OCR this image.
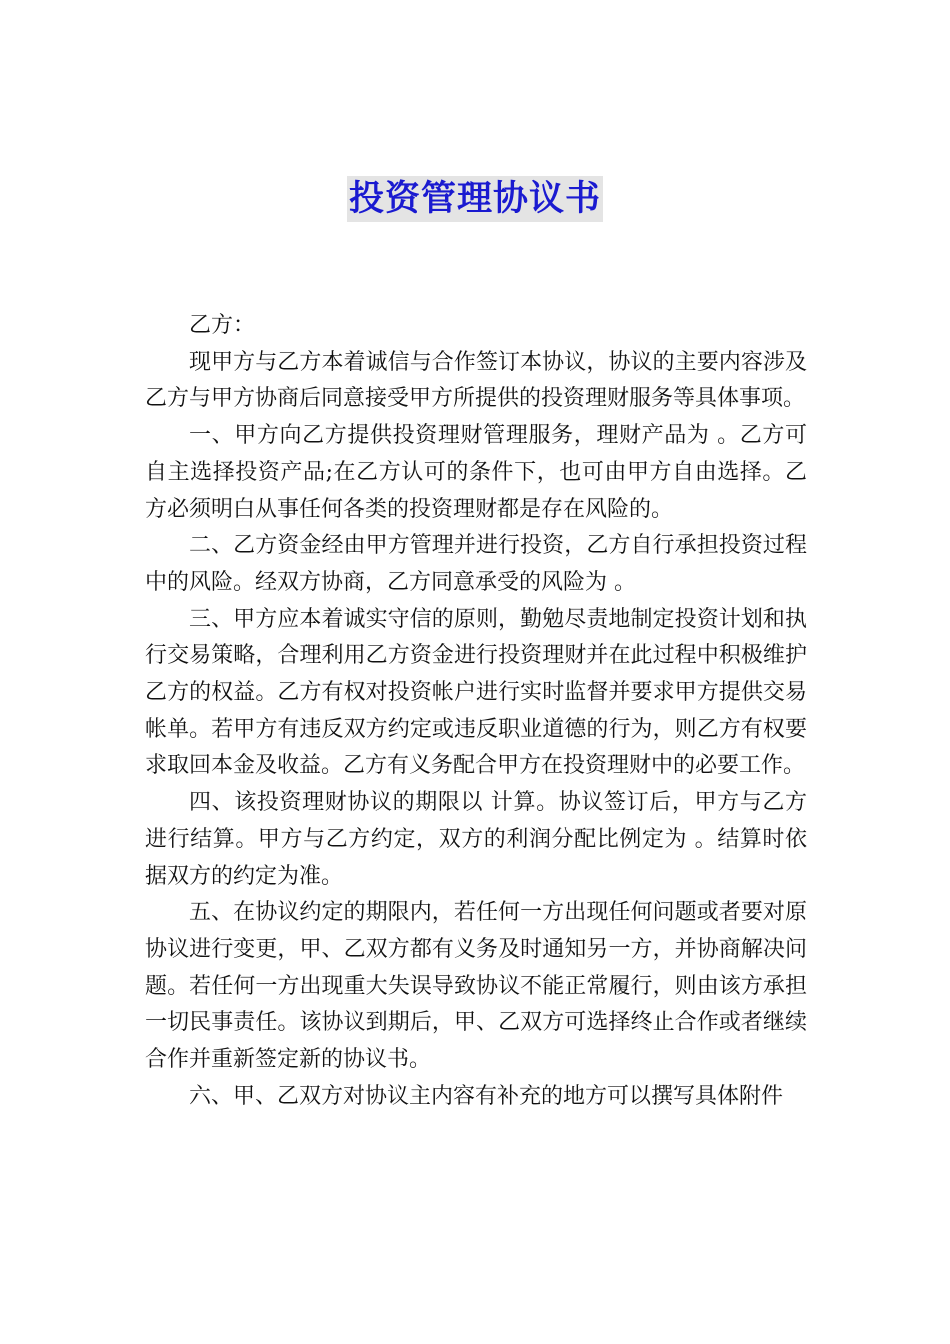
投资管理协议书

乙方：

现甲方与乙方本着诚信与合作签订本协议，协议的主要内容涉及乙方与甲方协商后同意接受甲方所提供的投资理财服务等具体事项。

一、甲方向乙方提供投资理财管理服务，理财产品为 。乙方可自主选择投资产品;在乙方认可的条件下，也可由甲方自由选择。乙方必须明白从事任何各类的投资理财都是存在风险的。

二、乙方资金经由甲方管理并进行投资，乙方自行承担投资过程中的风险。经双方协商，乙方同意承受的风险为 。

三、甲方应本着诚实守信的原则，勤勉尽责地制定投资计划和执行交易策略，合理利用乙方资金进行投资理财并在此过程中积极维护乙方的权益。乙方有权对投资帐户进行实时监督并要求甲方提供交易帐单。若甲方有违反双方约定或违反职业道德的行为，则乙方有权要求取回本金及收益。乙方有义务配合甲方在投资理财中的必要工作。

四、该投资理财协议的期限以 计算。协议签订后，甲方与乙方进行结算。甲方与乙方约定，双方的利润分配比例定为 。结算时依据双方的约定为准。

五、在协议约定的期限内，若任何一方出现任何问题或者要对原协议进行变更，甲、乙双方都有义务及时通知另一方，并协商解决问题。若任何一方出现重大失误导致协议不能正常履行，则由该方承担一切民事责任。该协议到期后，甲、乙双方可选择终止合作或者继续合作并重新签定新的协议书。

六、甲、乙双方对协议主内容有补充的地方可以撰写具体附件
